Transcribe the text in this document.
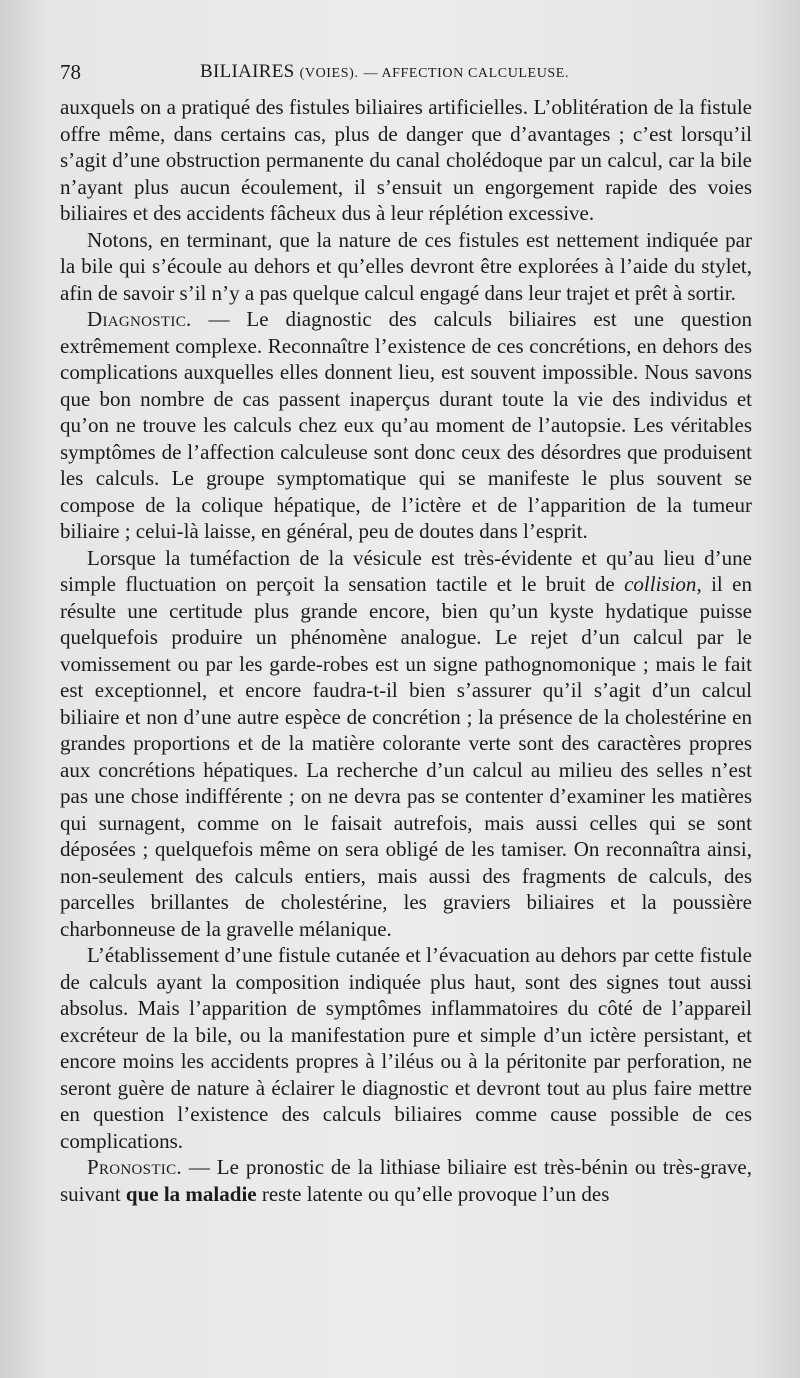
78	BILIAIRES (VOIES). — AFFECTION CALCULEUSE.

auxquels on a pratiqué des fistules biliaires artificielles. L’oblitération de la fistule offre même, dans certains cas, plus de danger que d’avantages ; c’est lorsqu’il s’agit d’une obstruction permanente du canal cholédoque par un calcul, car la bile n’ayant plus aucun écoulement, il s’ensuit un engorgement rapide des voies biliaires et des accidents fâcheux dus à leur réplétion excessive.

Notons, en terminant, que la nature de ces fistules est nettement indiquée par la bile qui s’écoule au dehors et qu’elles devront être explorées à l’aide du stylet, afin de savoir s’il n’y a pas quelque calcul engagé dans leur trajet et prêt à sortir.

Diagnostic. — Le diagnostic des calculs biliaires est une question extrêmement complexe. Reconnaître l’existence de ces concrétions, en dehors des complications auxquelles elles donnent lieu, est souvent impossible. Nous savons que bon nombre de cas passent inaperçus durant toute la vie des individus et qu’on ne trouve les calculs chez eux qu’au moment de l’autopsie. Les véritables symptômes de l’affection calculeuse sont donc ceux des désordres que produisent les calculs. Le groupe symptomatique qui se manifeste le plus souvent se compose de la colique hépatique, de l’ictère et de l’apparition de la tumeur biliaire ; celui-là laisse, en général, peu de doutes dans l’esprit.

Lorsque la tuméfaction de la vésicule est très-évidente et qu’au lieu d’une simple fluctuation on perçoit la sensation tactile et le bruit de collision, il en résulte une certitude plus grande encore, bien qu’un kyste hydatique puisse quelquefois produire un phénomène analogue. Le rejet d’un calcul par le vomissement ou par les garde-robes est un signe pathognomonique ; mais le fait est exceptionnel, et encore faudra-t-il bien s’assurer qu’il s’agit d’un calcul biliaire et non d’une autre espèce de concrétion ; la présence de la cholestérine en grandes proportions et de la matière colorante verte sont des caractères propres aux concrétions hépatiques. La recherche d’un calcul au milieu des selles n’est pas une chose indifférente ; on ne devra pas se contenter d’examiner les matières qui surnagent, comme on le faisait autrefois, mais aussi celles qui se sont déposées ; quelquefois même on sera obligé de les tamiser. On reconnaîtra ainsi, non-seulement des calculs entiers, mais aussi des fragments de calculs, des parcelles brillantes de cholestérine, les graviers biliaires et la poussière charbonneuse de la gravelle mélanique.

L’établissement d’une fistule cutanée et l’évacuation au dehors par cette fistule de calculs ayant la composition indiquée plus haut, sont des signes tout aussi absolus. Mais l’apparition de symptômes inflammatoires du côté de l’appareil excréteur de la bile, ou la manifestation pure et simple d’un ictère persistant, et encore moins les accidents propres à l’iléus ou à la péritonite par perforation, ne seront guère de nature à éclairer le diagnostic et devront tout au plus faire mettre en question l’existence des calculs biliaires comme cause possible de ces complications.

Pronostic. — Le pronostic de la lithiase biliaire est très-bénin ou très-grave, suivant que la maladie reste latente ou qu’elle provoque l’un des
